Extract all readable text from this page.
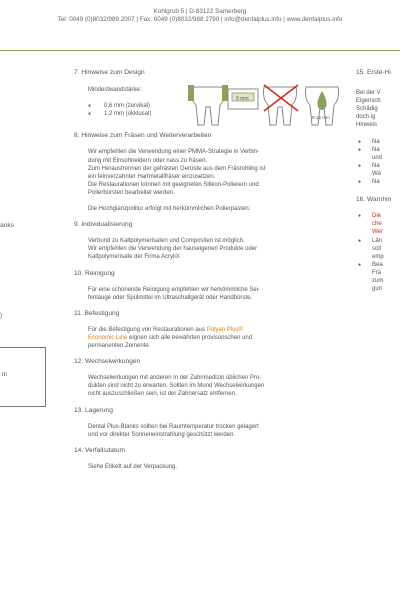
Kohlgrub 5 | D-83122 Samerberg
Tel: 0049 (0)8032/989 2007 | Fax: 0049 (0)8032/988 2790 | info@dentalplus.info | www.dentalplus.info
anks
)
m
7. Hinweise zum Design
Mindestwandstärke:
● 0,6 mm (zervikal)
● 1,2 mm (okklusal)
6 mm
9-12 mm
8. Hinweise zum Fräsen und Weiterverarbeiten
Wir empfehlen die Verwendung einer PMMA-Strategie in Verbin-
dung mit Einsohneidern oder nass zu fräsen.
Zum Heraustrennen der gefrästen Gerüste aus dem Fräsrohling ist
ein feinverzahnter Hartmetallfräser einzusetzen.
Die Restaurationen können mit geeigneten Silikon-Polierern und
Polierbürsten bearbeitet werden.
Die Hochglanzpolitur erfolgt mit herkömmlichen Polierpasten.
9. Individualisierung
Verbund zu Kaltpolymerisaten und Compositen ist möglich.
Wir empfehlen die Verwendung der hauseigenen Produkte oder
Kaltpolymerisate der Firma AcryliX
10. Reinigung
Für eine schonende Reinigung empfehlen wir herkömmliche Sei-
fenlauge oder Spülmittel im Ultraschallgerät oder Handbürste.
11. Befestigung
Für die Befestigung von Restaurationen aus Polyan Plus®
Economic Line eignen sich alle bewährten provisorischen und
permanenten Zemente.
12. Wechselwirkungen
Wechselwirkungen mit anderen in der Zahnmedizin üblichen Pro-
dukten sind nicht zu erwarten. Sollten im Mund Wechselwirkungen
nicht auszuschließen sein, ist der Zahnersatz entfernen.
13. Lagerung
Dental Plus-Blanks sollten bei Raumtemperatur trocken gelagert
und vor direkter Sonneneinstrahlung geschützt werden.
14. Verfallsdatum
Siehe Etikett auf der Verpackung.
15. Erste-Hi
Bei der V
Eigensch
Schädig
doch ig
Hinweis
● Na
● Na
und
● Na
Wa
● Na
16. Warnhin
● Die
che
Wer
● Län
soll
emp
● Bea
Frä
zum
gun
